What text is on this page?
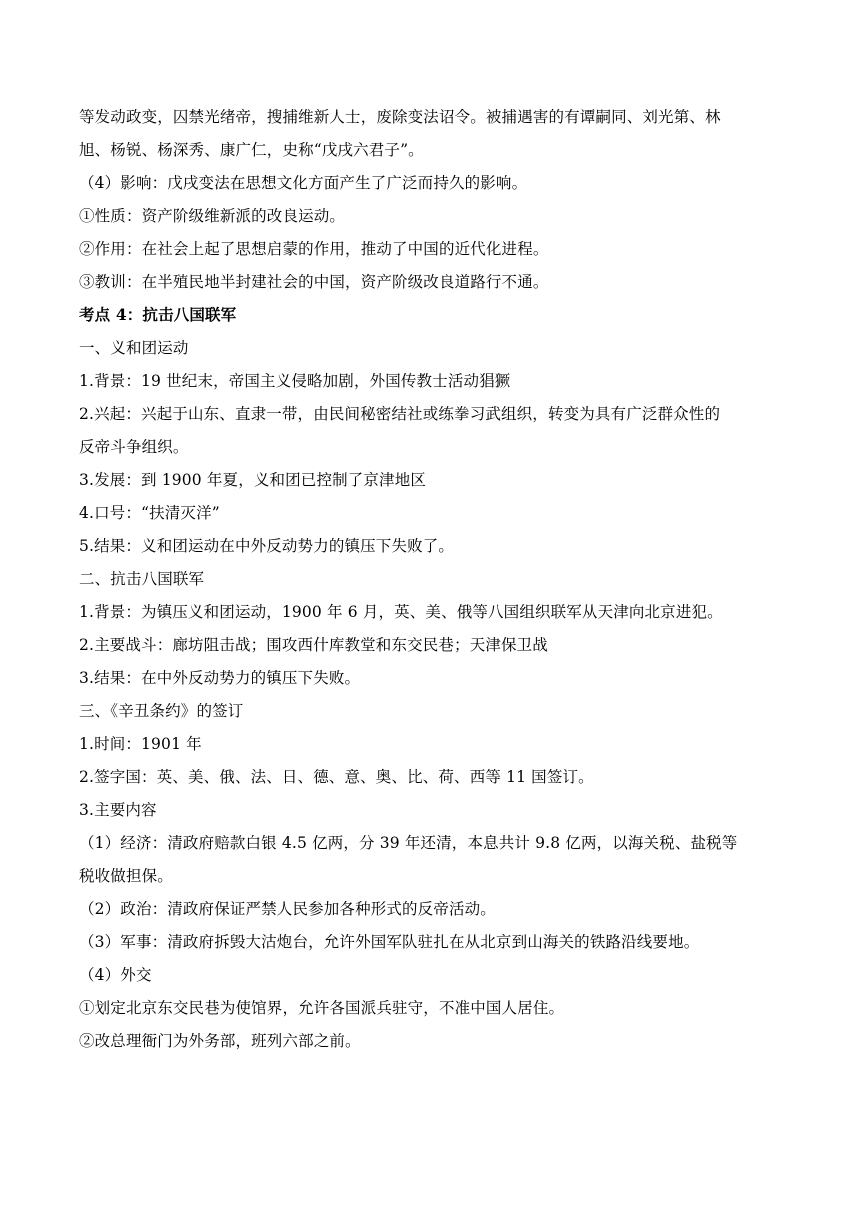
等发动政变，囚禁光绪帝，搜捕维新人士，废除变法诏令。被捕遇害的有谭嗣同、刘光第、林
旭、杨锐、杨深秀、康广仁，史称“戊戌六君子”。
（4）影响：戊戌变法在思想文化方面产生了广泛而持久的影响。
①性质：资产阶级维新派的改良运动。
②作用：在社会上起了思想启蒙的作用，推动了中国的近代化进程。
③教训：在半殖民地半封建社会的中国，资产阶级改良道路行不通。
考点 4：抗击八国联军
一、义和团运动
1.背景：19 世纪末，帝国主义侵略加剧，外国传教士活动猖獗
2.兴起：兴起于山东、直隶一带，由民间秘密结社或练拳习武组织，转变为具有广泛群众性的
反帝斗争组织。
3.发展：到 1900 年夏，义和团已控制了京津地区
4.口号：“扶清灭洋”
5.结果：义和团运动在中外反动势力的镇压下失败了。
二、抗击八国联军
1.背景：为镇压义和团运动，1900 年 6 月，英、美、俄等八国组织联军从天津向北京进犯。
2.主要战斗：廊坊阻击战；围攻西什库教堂和东交民巷；天津保卫战
3.结果：在中外反动势力的镇压下失败。
三、《辛丑条约》的签订
1.时间：1901 年
2.签字国：英、美、俄、法、日、德、意、奥、比、荷、西等 11 国签订。
3.主要内容
（1）经济：清政府赔款白银 4.5 亿两，分 39 年还清，本息共计 9.8 亿两，以海关税、盐税等
税收做担保。
（2）政治：清政府保证严禁人民参加各种形式的反帝活动。
（3）军事：清政府拆毁大沽炮台，允许外国军队驻扎在从北京到山海关的铁路沿线要地。
（4）外交
①划定北京东交民巷为使馆界，允许各国派兵驻守，不准中国人居住。
②改总理衙门为外务部，班列六部之前。
